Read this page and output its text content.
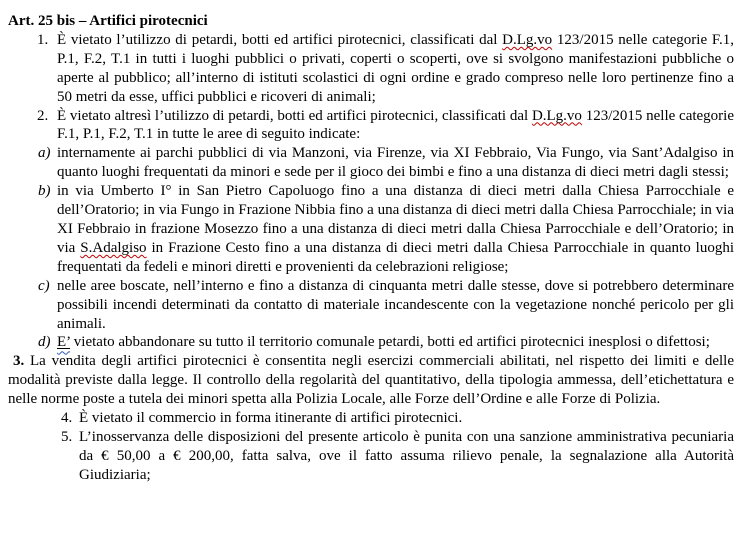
Art. 25 bis – Artifici pirotecnici
1. È vietato l’utilizzo di petardi, botti ed artifici pirotecnici, classificati dal D.Lg.vo 123/2015 nelle categorie F.1, P.1, F.2, T.1 in tutti i luoghi pubblici o privati, coperti o scoperti, ove si svolgono manifestazioni pubbliche o aperte al pubblico; all’interno di istituti scolastici di ogni ordine e grado compreso nelle loro pertinenze fino a 50 metri da esse, uffici pubblici e ricoveri di animali;
2. È vietato altresì l’utilizzo di petardi, botti ed artifici pirotecnici, classificati dal D.Lg.vo 123/2015 nelle categorie F.1, P.1, F.2, T.1 in tutte le aree di seguito indicate:
a) internamente ai parchi pubblici di via Manzoni, via Firenze, via XI Febbraio, Via Fungo, via Sant’Adalgiso in quanto luoghi frequentati da minori e sede per il gioco dei bimbi e fino a una distanza di dieci metri dagli stessi;
b) in via Umberto I° in San Pietro Capoluogo fino a una distanza di dieci metri dalla Chiesa Parrocchiale e dell’Oratorio; in via Fungo in Frazione Nibbia fino a una distanza di dieci metri dalla Chiesa Parrocchiale; in via XI Febbraio in frazione Mosezzo fino a una distanza di dieci metri dalla Chiesa Parrocchiale e dell’Oratorio; in via S.Adalgiso in Frazione Cesto fino a una distanza di dieci metri dalla Chiesa Parrocchiale in quanto luoghi frequentati da fedeli e minori diretti e provenienti da celebrazioni religiose;
c) nelle aree boscate, nell’interno e fino a distanza di cinquanta metri dalle stesse, dove si potrebbero determinare possibili incendi determinati da contatto di materiale incandescente con la vegetazione nonché pericolo per gli animali.
d) E’ vietato abbandonare su tutto il territorio comunale petardi, botti ed artifici pirotecnici inesplosi o difettosi;
3. La vendita degli artifici pirotecnici è consentita negli esercizi commerciali abilitati, nel rispetto dei limiti e delle modalità previste dalla legge. Il controllo della regolarità del quantitativo, della tipologia ammessa, dell’etichettatura e nelle norme poste a tutela dei minori spetta alla Polizia Locale, alle Forze dell’Ordine e alle Forze di Polizia.
4. È vietato il commercio in forma itinerante di artifici pirotecnici.
5. L’inosservanza delle disposizioni del presente articolo è punita con una sanzione amministrativa pecuniaria da € 50,00 a € 200,00, fatta salva, ove il fatto assuma rilievo penale, la segnalazione alla Autorità Giudiziaria;
